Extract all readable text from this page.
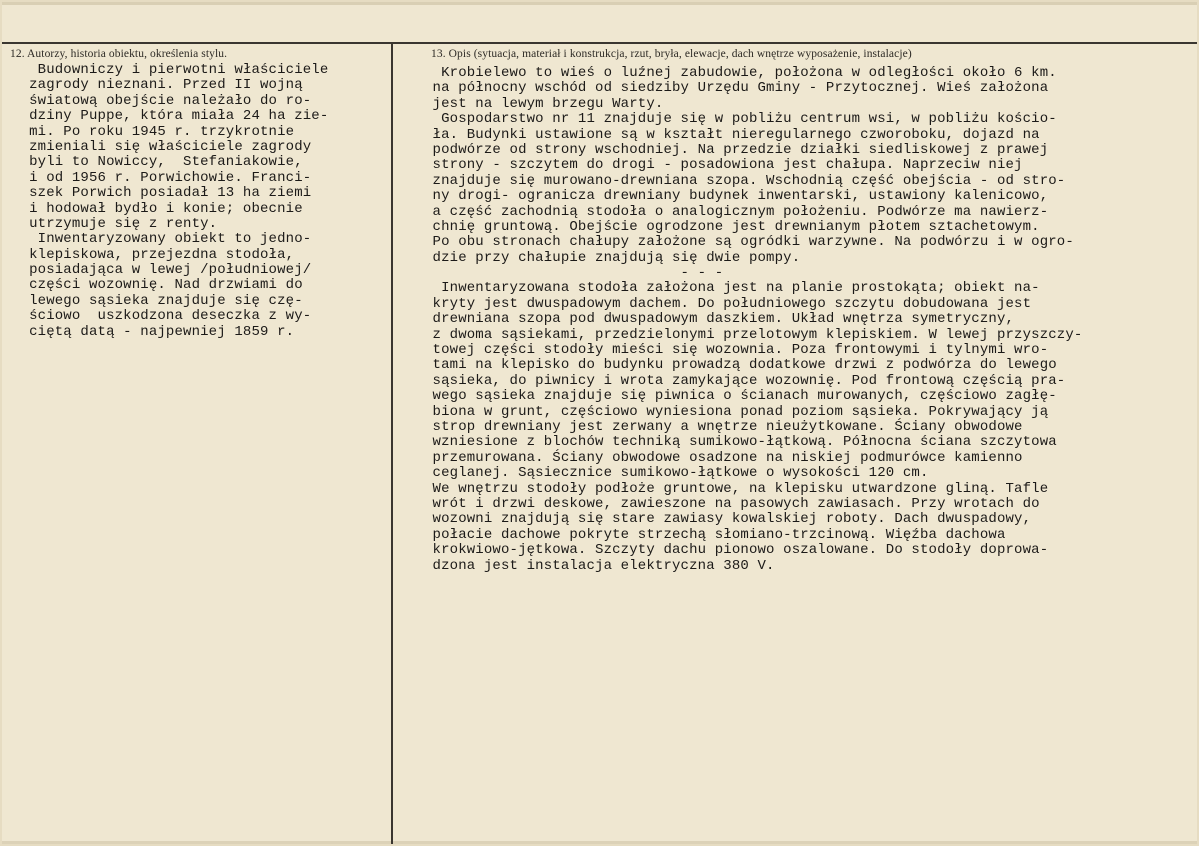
12. Autorzy, historia obiektu, określenia stylu.	13. Opis (sytuacja, materiał i konstrukcja, rzut, bryła, elewacje, dach wnętrze wyposażenie, instalacje)
Budowniczy i pierwotni właściciele
zagrody nieznani. Przed II wojną
światową obejście należało do ro-
dziny Puppe, która miała 24 ha zie-
mi. Po roku 1945 r. trzykrotnie
zmieniali się właściciele zagrody
byli to Nowiccy,  Stefaniakowie,
i od 1956 r. Porwichowie. Franci-
szek Porwich posiadał 13 ha ziemi
i hodował bydło i konie; obecnie
utrzymuje się z renty.
Inwentaryzowany obiekt to jedno-
klepiskowa, przejezdna stodoła,
posiadająca w lewej /południowej/
części wozownię. Nad drzwiami do
lewego sąsieka znajduje się czę-
ściowo  uszkodzona deseczka z wy-
ciętą datą - najpewniej 1859 r.
Krobielewo to wieś o luźnej zabudowie, położona w odległości około 6 km.
na północny wschód od siedziby Urzędu Gminy - Przytocznej. Wieś założona
jest na lewym brzegu Warty.
Gospodarstwo nr 11 znajduje się w pobliżu centrum wsi, w pobliżu kościo-
ła. Budynki ustawione są w kształt nieregularnego czworoboku, dojazd na
podwórze od strony wschodniej. Na przedzie działki siedliskowej z prawej
strony - szczytem do drogi - posadowiona jest chałupa. Naprzeciw niej
znajduje się murowano-drewniana szopa. Wschodnią część obejścia - od stro-
ny drogi- ogranicza drewniany budynek inwentarski, ustawiony kalenicowo,
a część zachodnią stodoła o analogicznym położeniu. Podwórze ma nawierz-
chnię gruntową. Obejście ogrodzone jest drewnianym płotem sztachetowym.
Po obu stronach chałupy założone są ogródki warzywne. Na podwórzu i w ogro-
dzie przy chałupie znajdują się dwie pompy.
- - -
Inwentaryzowana stodoła założona jest na planie prostokąta; obiekt na-
kryty jest dwuspadowym dachem. Do południowego szczytu dobudowana jest
drewniana szopa pod dwuspadowym daszkiem. Układ wnętrza symetryczny,
z dwoma sąsiekami, przedzielonymi przelotowym klepiskiem. W lewej przyszczy-
towej części stodoły mieści się wozownia. Poza frontowymi i tylnymi wro-
tami na klepisko do budynku prowadzą dodatkowe drzwi z podwórza do lewego
sąsieka, do piwnicy i wrota zamykające wozownię. Pod frontową częścią pra-
wego sąsieka znajduje się piwnica o ścianach murowanych, częściowo zagłę-
biona w grunt, częściowo wyniesiona ponad poziom sąsieka. Pokrywający ją
strop drewniany jest zerwany a wnętrze nieużytkowane. Ściany obwodowe
wzniesione z blochów techniką sumikowo-łątkową. Północna ściana szczytowa
przemurowana. Ściany obwodowe osadzone na niskiej podmurówce kamienno
ceglanej. Sąsiecznice sumikowo-łątkowe o wysokości 120 cm.
We wnętrzu stodoły podłoże gruntowe, na klepisku utwardzone gliną. Tafle
wrót i drzwi deskowe, zawieszone na pasowych zawiasach. Przy wrotach do
wozowni znajdują się stare zawiasy kowalskiej roboty. Dach dwuspadowy,
połacie dachowe pokryte strzechą słomiano-trzcinową. Więźba dachowa
krokwiowo-jętkowa. Szczyty dachu pionowo oszalowane. Do stodoły doprowa-
dzona jest instalacja elektryczna 380 V.
